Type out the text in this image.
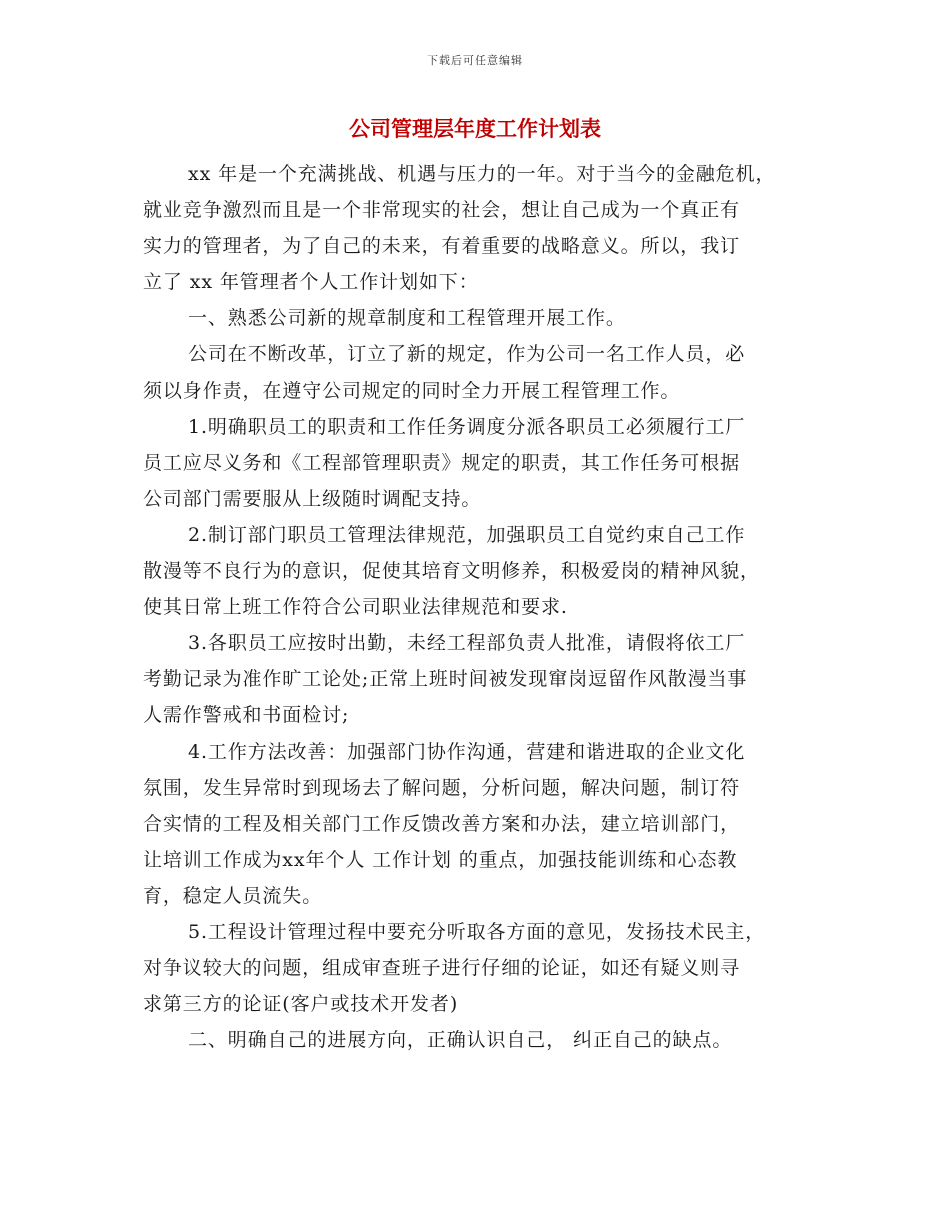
下载后可任意编辑
公司管理层年度工作计划表
xx 年是一个充满挑战、机遇与压力的一年。对于当今的金融危机，
就业竞争激烈而且是一个非常现实的社会，想让自己成为一个真正有
实力的管理者，为了自己的未来，有着重要的战略意义。所以，我订
立了 xx 年管理者个人工作计划如下：
一、熟悉公司新的规章制度和工程管理开展工作。
公司在不断改革，订立了新的规定，作为公司一名工作人员，必
须以身作责，在遵守公司规定的同时全力开展工程管理工作。
1.明确职员工的职责和工作任务调度分派各职员工必须履行工厂
员工应尽义务和《工程部管理职责》规定的职责，其工作任务可根据
公司部门需要服从上级随时调配支持。
2.制订部门职员工管理法律规范，加强职员工自觉约束自己工作
散漫等不良行为的意识，促使其培育文明修养，积极爱岗的精神风貌，
使其日常上班工作符合公司职业法律规范和要求.
3.各职员工应按时出勤，未经工程部负责人批准，请假将依工厂
考勤记录为准作旷工论处;正常上班时间被发现窜岗逗留作风散漫当事
人需作警戒和书面检讨;
4.工作方法改善：加强部门协作沟通，营建和谐进取的企业文化
氛围，发生异常时到现场去了解问题，分析问题，解决问题，制订符
合实情的工程及相关部门工作反馈改善方案和办法，建立培训部门，
让培训工作成为xx年个人 工作计划 的重点，加强技能训练和心态教
育，稳定人员流失。
5.工程设计管理过程中要充分听取各方面的意见，发扬技术民主，
对争议较大的问题，组成审查班子进行仔细的论证，如还有疑义则寻
求第三方的论证(客户或技术开发者)
二、明确自己的进展方向，正确认识自己， 纠正自己的缺点。
